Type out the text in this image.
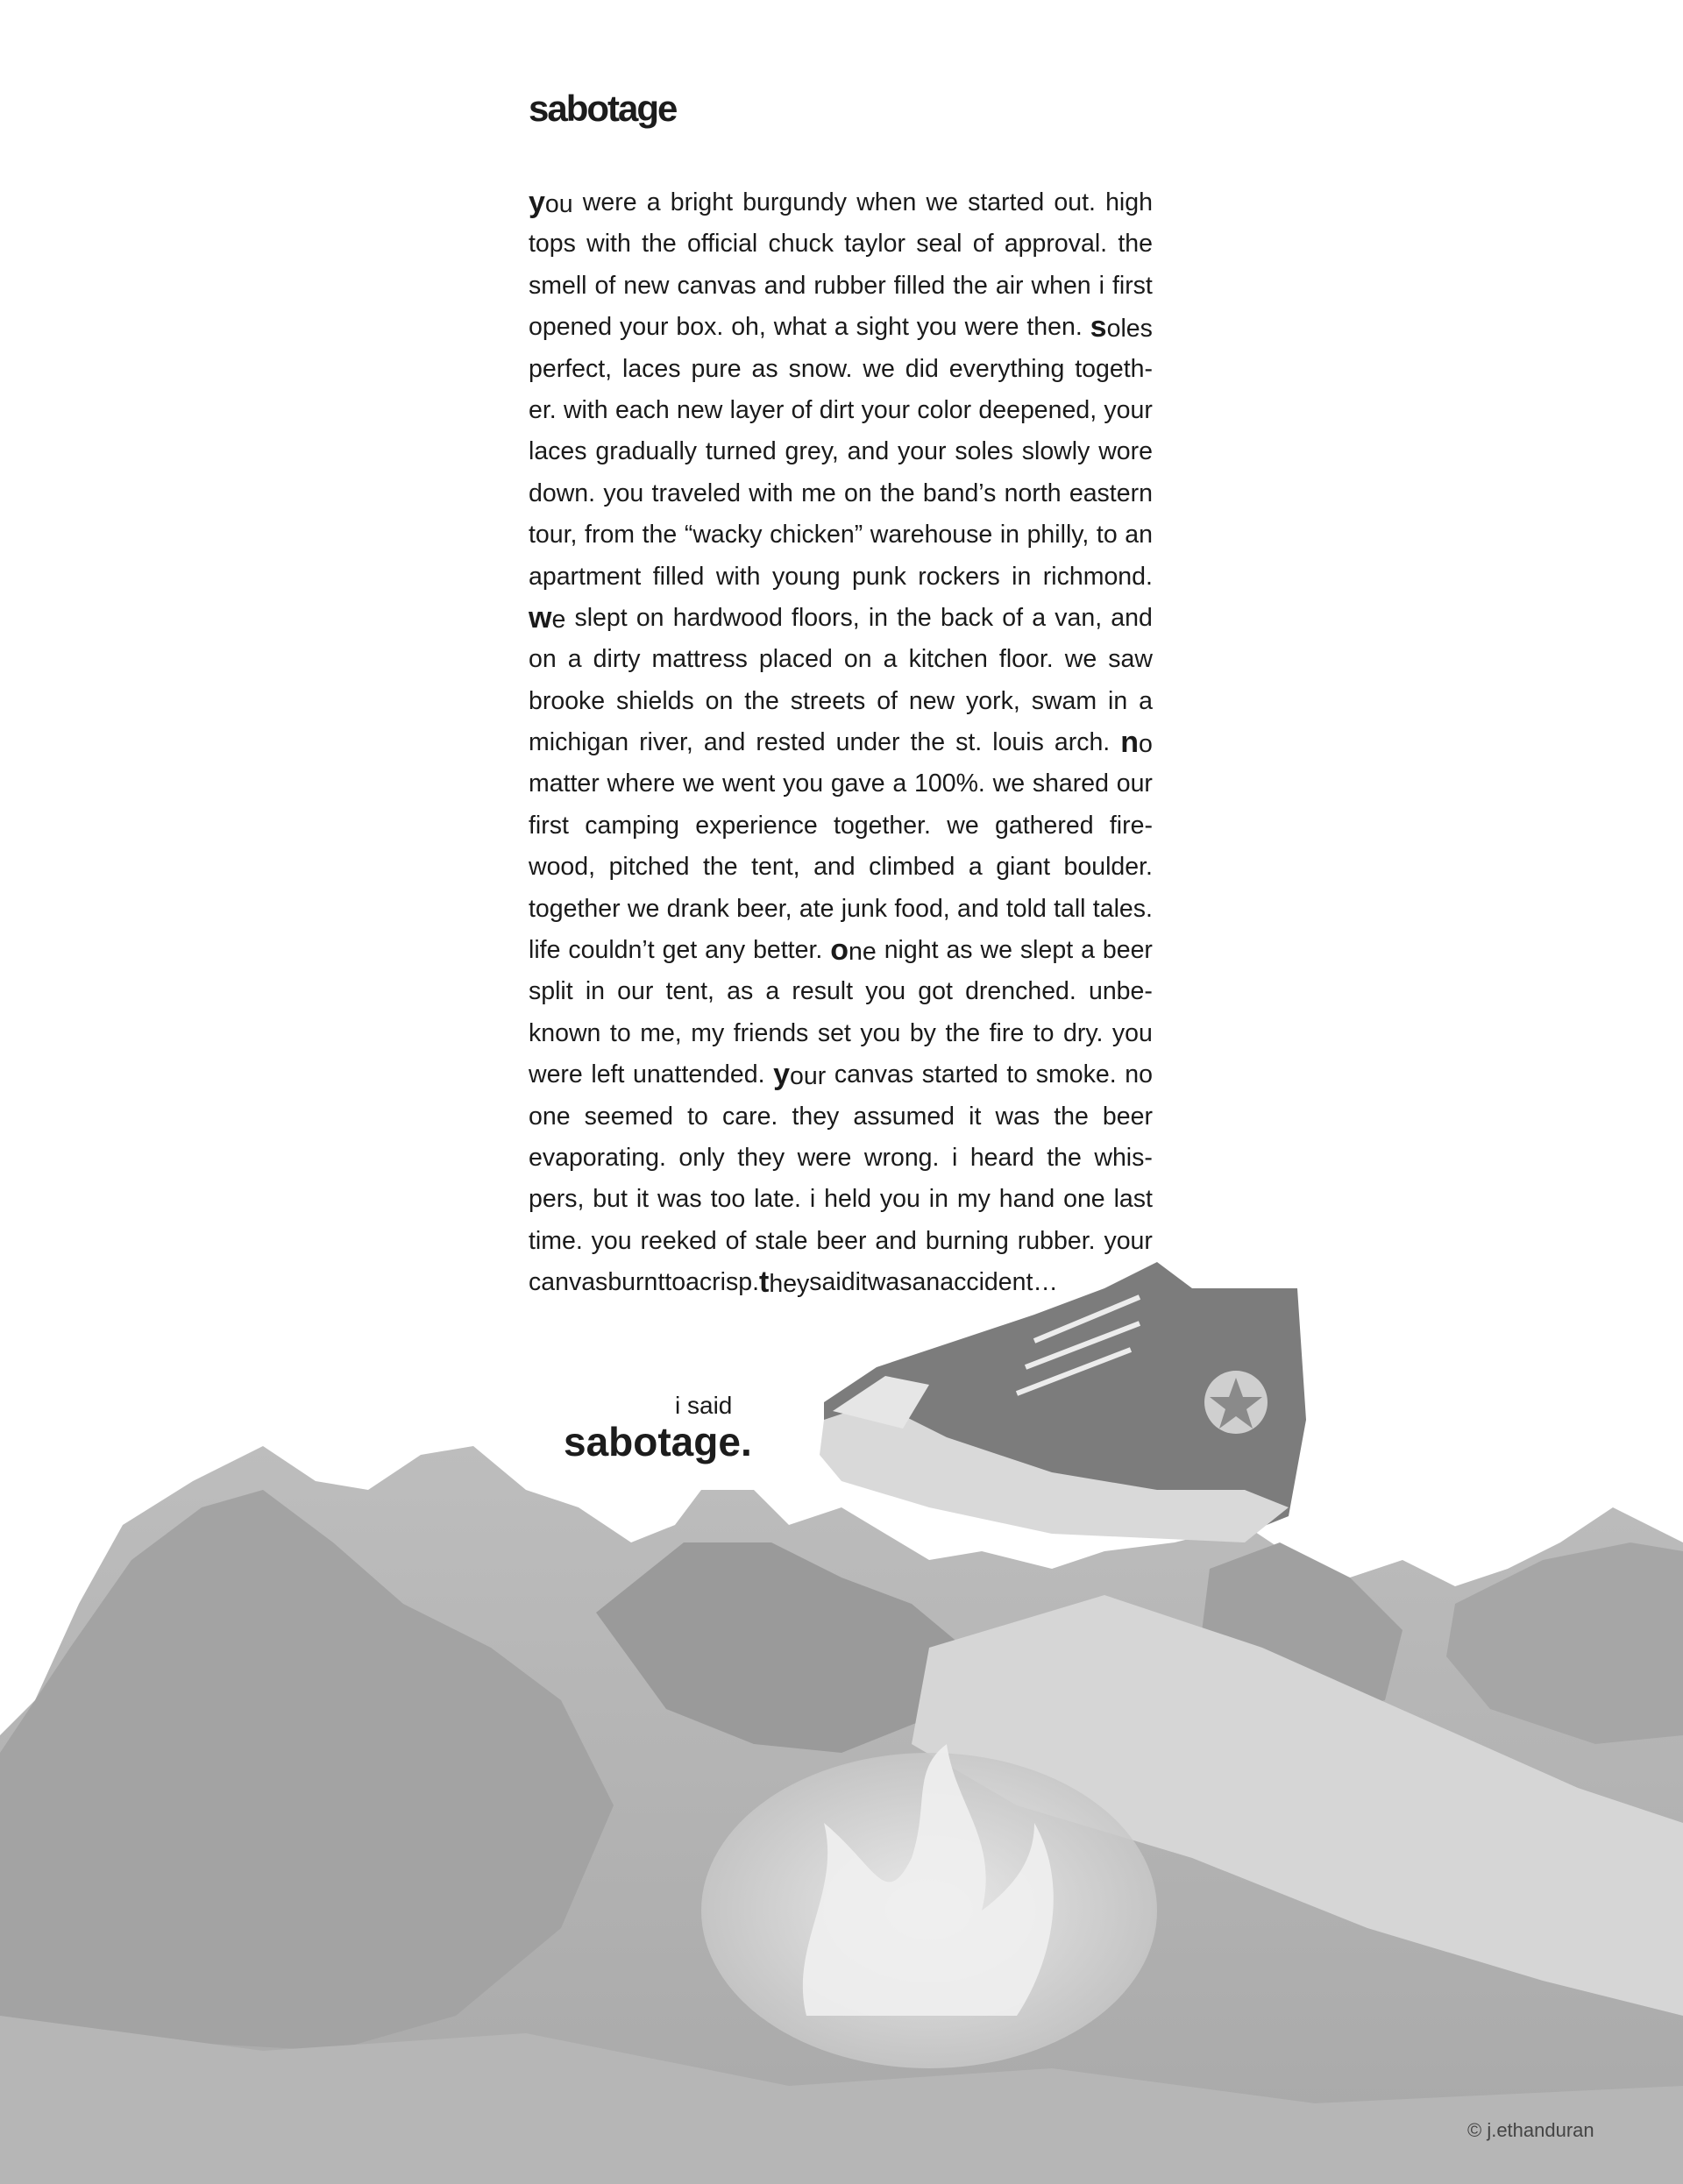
sabotage
you were a bright burgundy when we started out. high
tops with the official chuck taylor seal of approval. the
smell of new canvas and rubber filled the air when i first
opened your box. oh, what a sight you were then. soles
perfect, laces pure as snow. we did everything togeth-
er. with each new layer of dirt your color deepened, your
laces gradually turned grey, and your soles slowly wore
down. you traveled with me on the band’s north eastern
tour, from the “wacky chicken” warehouse in philly, to an
apartment filled with young punk rockers in richmond.
we slept on hardwood floors, in the back of a van, and
on a dirty mattress placed on a kitchen floor. we saw
brooke shields on the streets of new york, swam in a
michigan river, and rested under the st. louis arch. no
matter where we went you gave a 100%. we shared our
first camping experience together. we gathered fire-
wood, pitched the tent, and climbed a giant boulder.
together we drank beer, ate junk food, and told tall tales.
life couldn’t get any better. one night as we slept a beer
split in our tent, as a result you got drenched. unbe-
known to me, my friends set you by the fire to dry. you
were left unattended. your canvas started to smoke. no
one seemed to care. they assumed it was the beer
evaporating. only they were wrong. i heard the whis-
pers, but it was too late. i held you in my hand one last
time. you reeked of stale beer and burning rubber. your
canvas burnt to a crisp. they said it was an accident…
i said
sabotage.
© j.ethanduran
